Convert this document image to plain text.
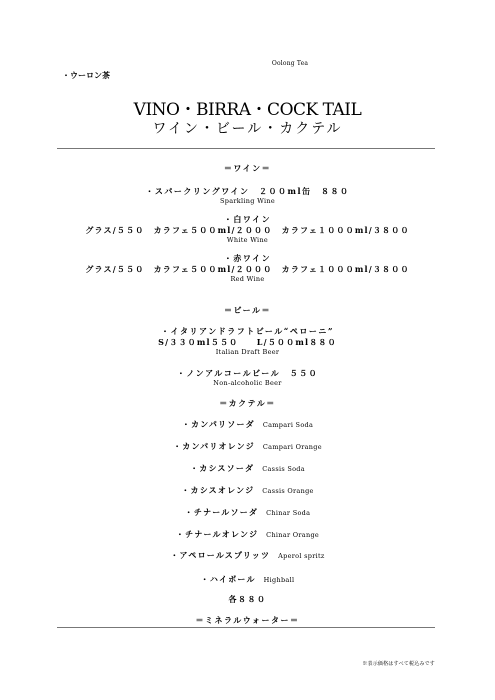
Oolong Tea
・ウーロン茶
VINO・BIRRA・COCK TAIL
ワイン・ビール・カクテル
＝ワイン＝
・スパークリングワイン　２００ml缶　８８０
Sparkling Wine
・白ワイン
グラス/５５０　カラフェ５００ml/２０００　カラフェ１０００ml/３８００
White Wine
・赤ワイン
グラス/５５０　カラフェ５００ml/２０００　カラフェ１０００ml/３８００
Red Wine
＝ビール＝
・イタリアンドラフトビール“ペローニ”
S/３３０ml５５０　　L/５００ml８８０
Italian Draft Beer
・ノンアルコールビール　５５０
Non-alcoholic Beer
＝カクテル＝
・カンパリソーダ Campari Soda
・カンパリオレンジ Campari Orange
・カシスソーダ Cassis Soda
・カシスオレンジ Cassis Orange
・チナールソーダ Chinar Soda
・チナールオレンジ Chinar Orange
・アペロールスプリッツ Aperol spritz
・ハイボール Highball
各８８０
＝ミネラルウォーター＝
※表示価格はすべて税込みです
